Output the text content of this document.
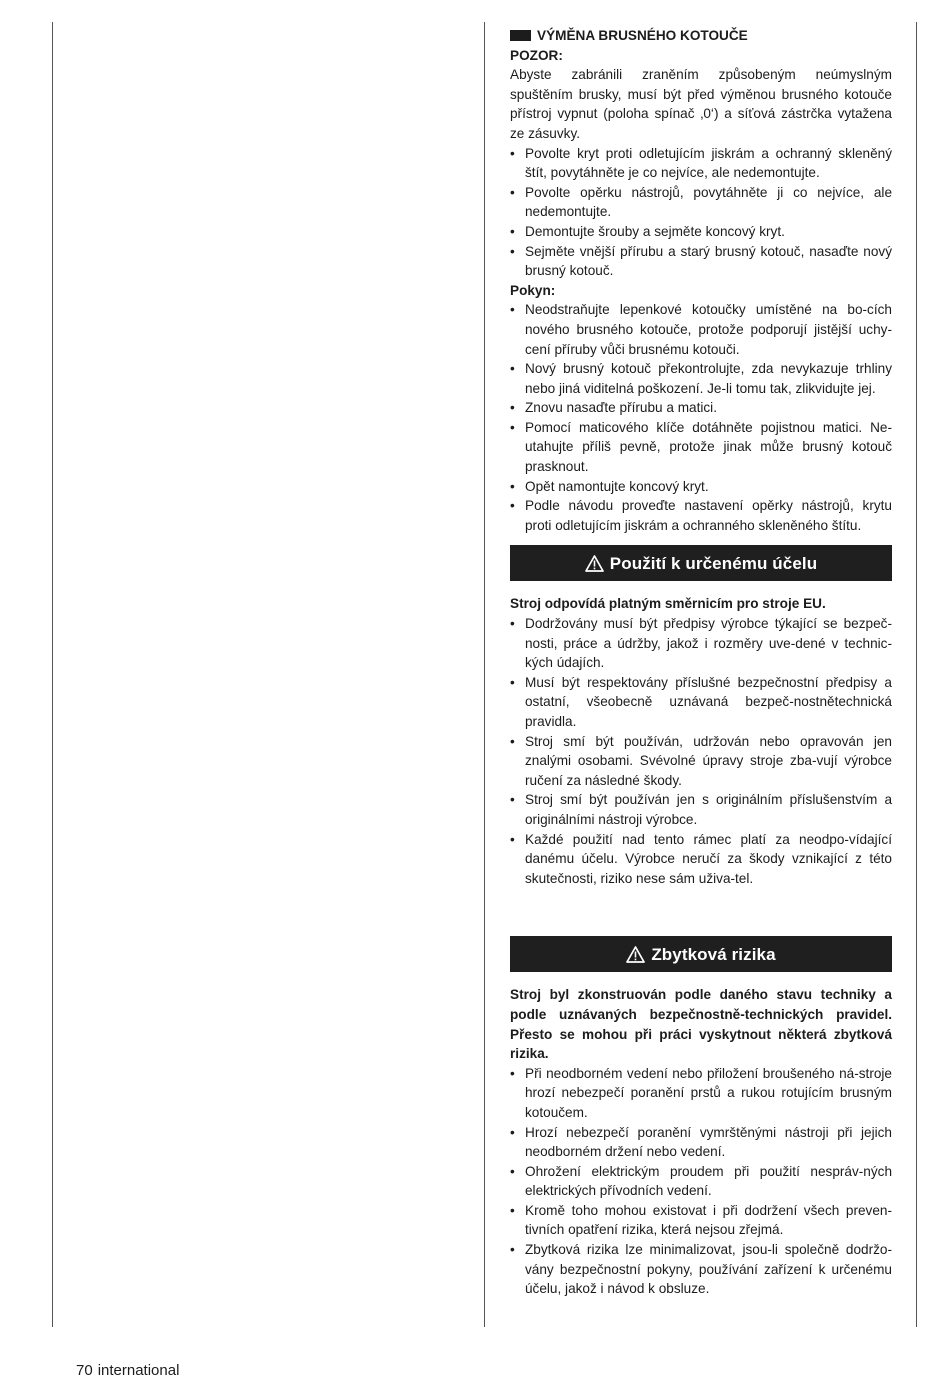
VÝMĚNA BRUSNÉHO KOTOUČE

POZOR:

Abyste zabránili zraněním způsobeným neúmyslným spuštěním brusky, musí být před výměnou brusného kotouče přístroj vypnut (poloha spínač ‚0‘) a síťová zástrčka vytažena ze zásuvky.

• Povolte kryt proti odletujícím jiskrám a ochranný skleněný štít, povytáhněte je co nejvíce, ale nedemontujte.
• Povolte opěrku nástrojů, povytáhněte ji co nejvíce, ale nedemontujte.
• Demontujte šrouby a sejměte koncový kryt.
• Sejměte vnější přírubu a starý brusný kotouč, nasaďte nový brusný kotouč.

Pokyn:

• Neodstraňujte lepenkové kotoučky umístěné na bo-cích nového brusného kotouče, protože podporují jistější uchy-cení příruby vůči brusnému kotouči.
• Nový brusný kotouč překontrolujte, zda nevykazuje trhliny nebo jiná viditelná poškození. Je-li tomu tak, zlikvidujte jej.
• Znovu nasaďte přírubu a matici.
• Pomocí maticového klíče dotáhněte pojistnou matici. Ne-utahujte příliš pevně, protože jinak může brusný kotouč prasknout.
• Opět namontujte koncový kryt.
• Podle návodu proveďte nastavení opěrky nástrojů, krytu proti odletujícím jiskrám a ochranného skleněného štítu.
Použití k určenému účelu

Stroj odpovídá platným směrnicím pro stroje EU.

• Dodržovány musí být předpisy výrobce týkající se bezpeč-nosti, práce a údržby, jakož i rozměry uve-dené v technic-kých údajích.
• Musí být respektovány příslušné bezpečnostní předpisy a ostatní, všeobecně uznávaná bezpeč-nostnětechnická pravidla.
• Stroj smí být používán, udržován nebo opravován jen znalými osobami. Svévolné úpravy stroje zba-vují výrobce ručení za následné škody.
• Stroj smí být používán jen s originálním příslušenstvím a originálními nástroji výrobce.
• Každé použití nad tento rámec platí za neodpo-vídající danému účelu. Výrobce neručí za škody vznikající z této skutečnosti, riziko nese sám uživa-tel.
Zbytková rizika

Stroj byl zkonstruován podle daného stavu techniky a podle uznávaných bezpečnostně-technických pravidel. Přesto se mohou při práci vyskytnout některá zbytková rizika.

• Při neodborném vedení nebo přiložení broušeného ná-stroje hrozí nebezpečí poranění prstů a rukou rotujícím brusným kotoučem.
• Hrozí nebezpečí poranění vymrštěnými nástroji při jejich neodborném držení nebo vedení.
• Ohrožení elektrickým proudem při použití nespráv-ných elektrických přívodních vedení.
• Kromě toho mohou existovat i při dodržení všech preven-tivních opatření rizika, která nejsou zřejmá.
• Zbytková rizika lze minimalizovat, jsou-li společně dodržo-vány bezpečnostní pokyny, používání zařízení k určenému účelu, jakož i návod k obsluze.
70 international
